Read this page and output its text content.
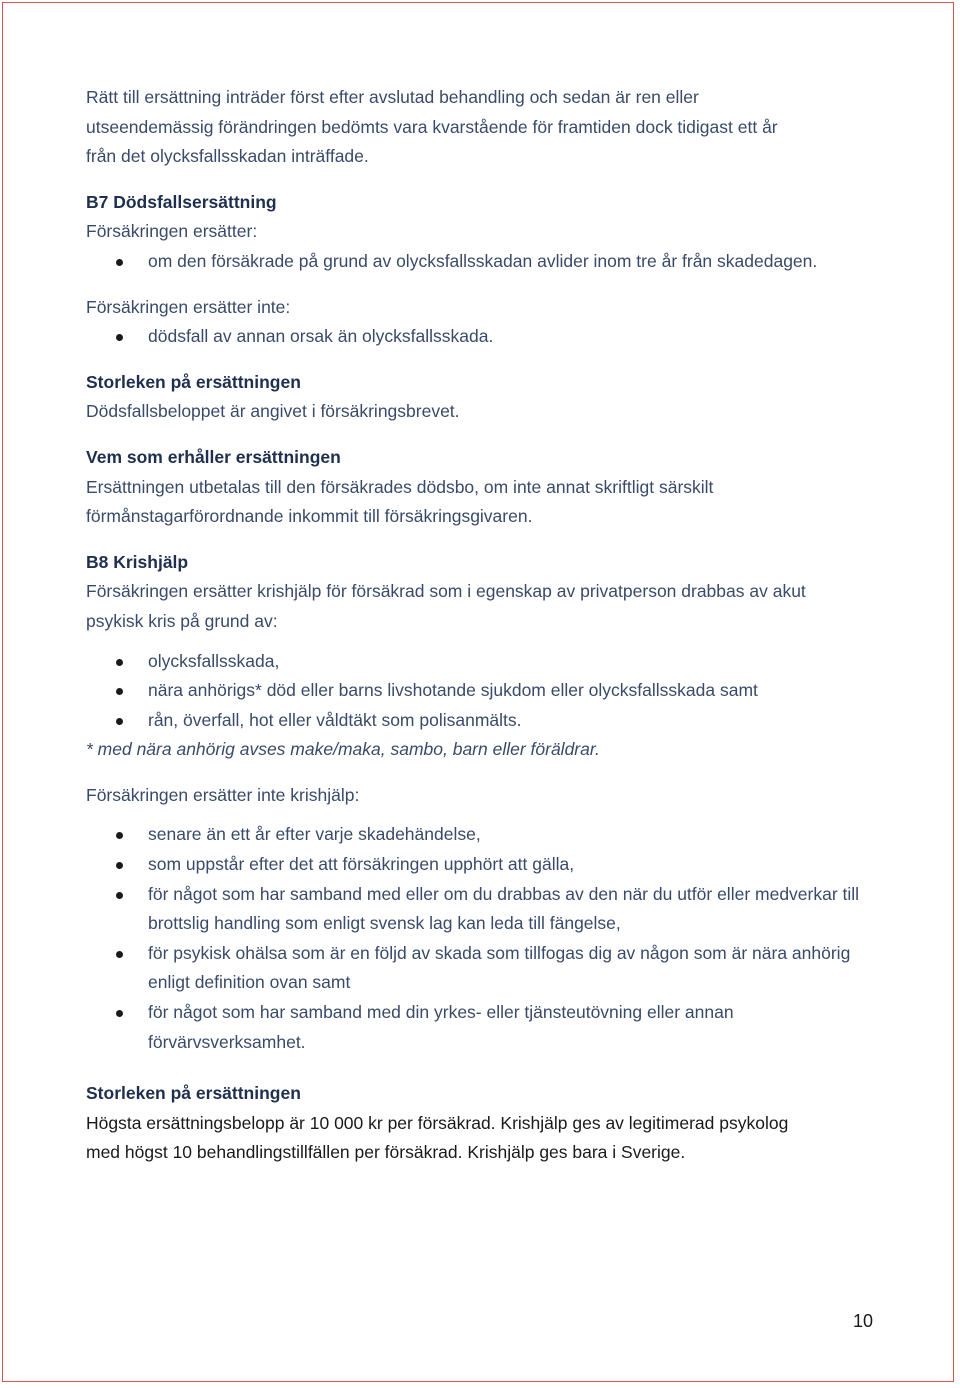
Rätt till ersättning inträder först efter avslutad behandling och sedan är ren eller

utseendemässig förändringen bedömts vara kvarstående för framtiden dock tidigast ett år

från det olycksfallsskadan inträffade.

B7 Dödsfallsersättning

Försäkringen ersätter:

om den försäkrade på grund av olycksfallsskadan avlider inom tre år från skadedagen.

Försäkringen ersätter inte:

dödsfall av annan orsak än olycksfallsskada.

Storleken på ersättningen

Dödsfallsbeloppet är angivet i försäkringsbrevet.

Vem som erhåller ersättningen

Ersättningen utbetalas till den försäkrades dödsbo, om inte annat skriftligt särskilt

förmånstagarförordnande inkommit till försäkringsgivaren.

B8 Krishjälp

Försäkringen ersätter krishjälp för försäkrad som i egenskap av privatperson drabbas av akut

psykisk kris på grund av:

olycksfallsskada,
nära anhörigs* död eller barns livshotande sjukdom eller olycksfallsskada samt
rån, överfall, hot eller våldtäkt som polisanmälts.

* med nära anhörig avses make/maka, sambo, barn eller föräldrar.

Försäkringen ersätter inte krishjälp:

senare än ett år efter varje skadehändelse,
som uppstår efter det att försäkringen upphört att gälla,
för något som har samband med eller om du drabbas av den när du utför eller medverkar till brottslig handling som enligt svensk lag kan leda till fängelse,
för psykisk ohälsa som är en följd av skada som tillfogas dig av någon som är nära anhörig enligt definition ovan samt
för något som har samband med din yrkes- eller tjänsteutövning eller annan förvärvsverksamhet.

Storleken på ersättningen

Högsta ersättningsbelopp är 10 000 kr per försäkrad. Krishjälp ges av legitimerad psykolog

med högst 10 behandlingstillfällen per försäkrad. Krishjälp ges bara i Sverige.

10
